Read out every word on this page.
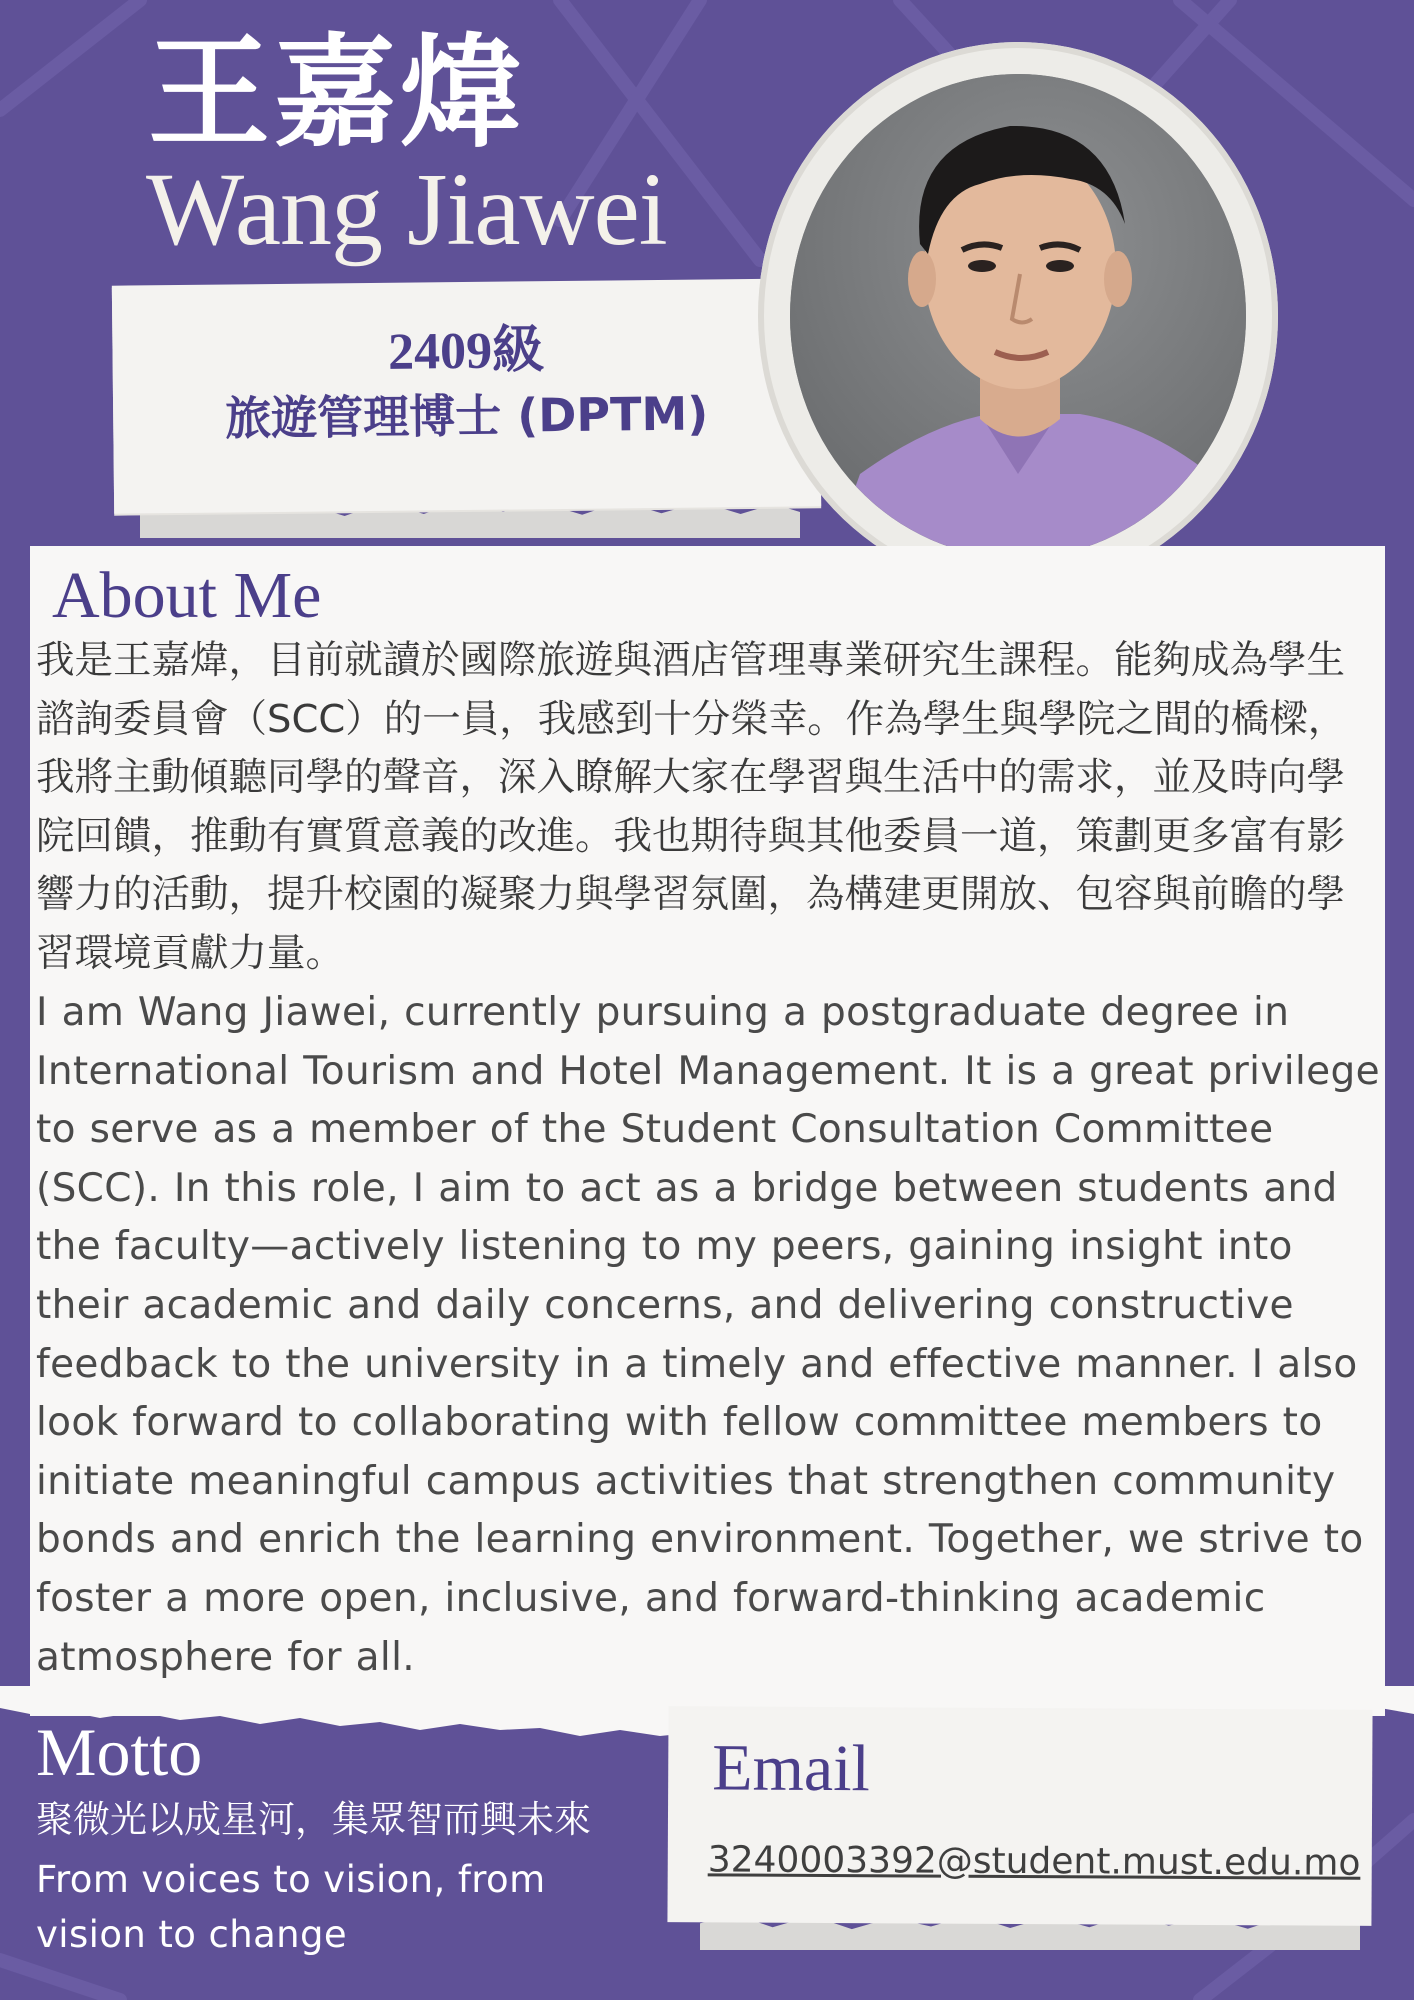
王嘉煒
Wang Jiawei

2409級

旅遊管理博士 (DPTM)

About Me

我是王嘉煒，目前就讀於國際旅遊與酒店管理專業研究生課程。能夠成為學生諮詢委員會（SCC）的一員，我感到十分榮幸。作為學生與學院之間的橋樑，我將主動傾聽同學的聲音，深入瞭解大家在學習與生活中的需求，並及時向學院回饋，推動有實質意義的改進。我也期待與其他委員一道，策劃更多富有影響力的活動，提升校園的凝聚力與學習氛圍，為構建更開放、包容與前瞻的學習環境貢獻力量。

I am Wang Jiawei, currently pursuing a postgraduate degree in International Tourism and Hotel Management. It is a great privilege to serve as a member of the Student Consultation Committee (SCC). In this role, I aim to act as a bridge between students and the faculty—actively listening to my peers, gaining insight into their academic and daily concerns, and delivering constructive feedback to the university in a timely and effective manner. I also look forward to collaborating with fellow committee members to initiate meaningful campus activities that strengthen community bonds and enrich the learning environment. Together, we strive to foster a more open, inclusive, and forward-thinking academic atmosphere for all.

Motto

聚微光以成星河，集眾智而興未來

From voices to vision, from vision to change

Email
3240003392@student.must.edu.mo
